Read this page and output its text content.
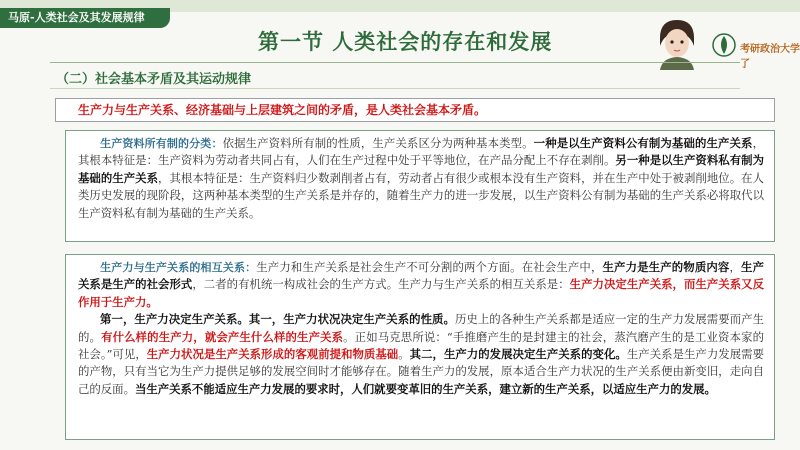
马原-人类社会及其发展规律
第一节 人类社会的存在和发展	考研政治大学了
（二）社会基本矛盾及其运动规律
生产力与生产关系、经济基础与上层建筑之间的矛盾，是人类社会基本矛盾。
生产资料所有制的分类：依据生产资料所有制的性质，生产关系区分为两种基本类型。一种是以生产资料公有制为基础的生产关系，其根本特征是：生产资料为劳动者共同占有，人们在生产过程中处于平等地位，在产品分配上不存在剥削。另一种是以生产资料私有制为基础的生产关系，其根本特征是：生产资料归少数剥削者占有，劳动者占有很少或根本没有生产资料，并在生产中处于被剥削地位。在人类历史发展的现阶段，这两种基本类型的生产关系是并存的，随着生产力的进一步发展，以生产资料公有制为基础的生产关系必将取代以生产资料私有制为基础的生产关系。
生产力与生产关系的相互关系：生产力和生产关系是社会生产不可分割的两个方面。在社会生产中，生产力是生产的物质内容，生产关系是生产的社会形式，二者的有机统一构成社会的生产方式。生产力与生产关系的相互关系是：生产力决定生产关系，而生产关系又反作用于生产力。
第一，生产力决定生产关系。其一，生产力状况决定生产关系的性质。历史上的各种生产关系都是适应一定的生产力发展需要而产生的。有什么样的生产力，就会产生什么样的生产关系。正如马克思所说：“手推磨产生的是封建主的社会，蒸汽磨产生的是工业资本家的社会。”可见，生产力状况是生产关系形成的客观前提和物质基础。其二，生产力的发展决定生产关系的变化。生产关系是生产力发展需要的产物，只有当它为生产力提供足够的发展空间时才能够存在。随着生产力的发展，原本适合生产力状况的生产关系便由新变旧，走向自己的反面。当生产关系不能适应生产力发展的要求时，人们就要变革旧的生产关系，建立新的生产关系，以适应生产力的发展。
